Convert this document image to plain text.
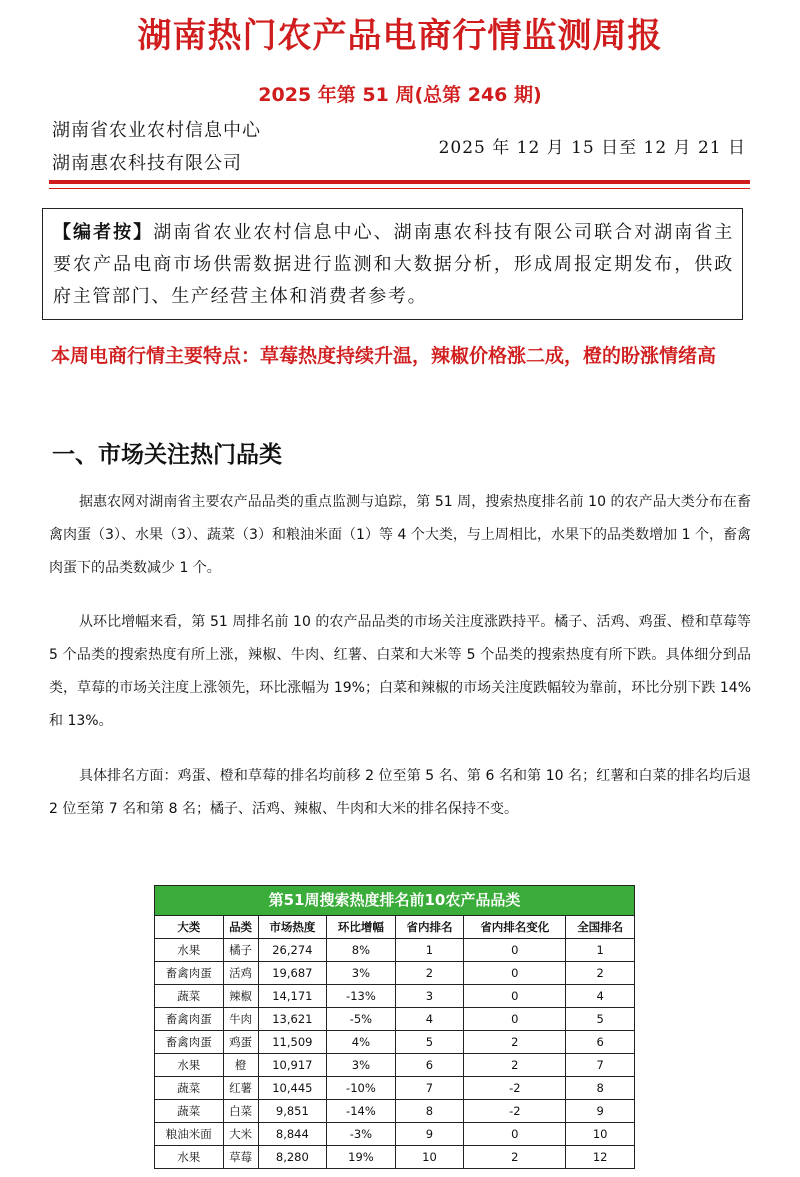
湖南热门农产品电商行情监测周报
2025 年第 51 周(总第 246 期)
湖南省农业农村信息中心
湖南惠农科技有限公司
2025 年 12 月 15 日至 12 月 21 日
【编者按】湖南省农业农村信息中心、湖南惠农科技有限公司联合对湖南省主要农产品电商市场供需数据进行监测和大数据分析，形成周报定期发布，供政府主管部门、生产经营主体和消费者参考。
本周电商行情主要特点：草莓热度持续升温，辣椒价格涨二成，橙的盼涨情绪高
一、市场关注热门品类
据惠农网对湖南省主要农产品品类的重点监测与追踪，第 51 周，搜索热度排名前 10 的农产品大类分布在畜禽肉蛋（3）、水果（3）、蔬菜（3）和粮油米面（1）等 4 个大类，与上周相比，水果下的品类数增加 1 个，畜禽肉蛋下的品类数减少 1 个。
从环比增幅来看，第 51 周排名前 10 的农产品品类的市场关注度涨跌持平。橘子、活鸡、鸡蛋、橙和草莓等 5 个品类的搜索热度有所上涨，辣椒、牛肉、红薯、白菜和大米等 5 个品类的搜索热度有所下跌。具体细分到品类，草莓的市场关注度上涨领先，环比涨幅为 19%；白菜和辣椒的市场关注度跌幅较为靠前，环比分别下跌 14%和 13%。
具体排名方面：鸡蛋、橙和草莓的排名均前移 2 位至第 5 名、第 6 名和第 10 名；红薯和白菜的排名均后退 2 位至第 7 名和第 8 名；橘子、活鸡、辣椒、牛肉和大米的排名保持不变。
第51周搜索热度排名前10农产品品类
大类	品类	市场热度	环比增幅	省内排名	省内排名变化	全国排名
水果	橘子	26,274	8%	1	0	1
畜禽肉蛋	活鸡	19,687	3%	2	0	2
蔬菜	辣椒	14,171	-13%	3	0	4
畜禽肉蛋	牛肉	13,621	-5%	4	0	5
畜禽肉蛋	鸡蛋	11,509	4%	5	2	6
水果	橙	10,917	3%	6	2	7
蔬菜	红薯	10,445	-10%	7	-2	8
蔬菜	白菜	9,851	-14%	8	-2	9
粮油米面	大米	8,844	-3%	9	0	10
水果	草莓	8,280	19%	10	2	12
